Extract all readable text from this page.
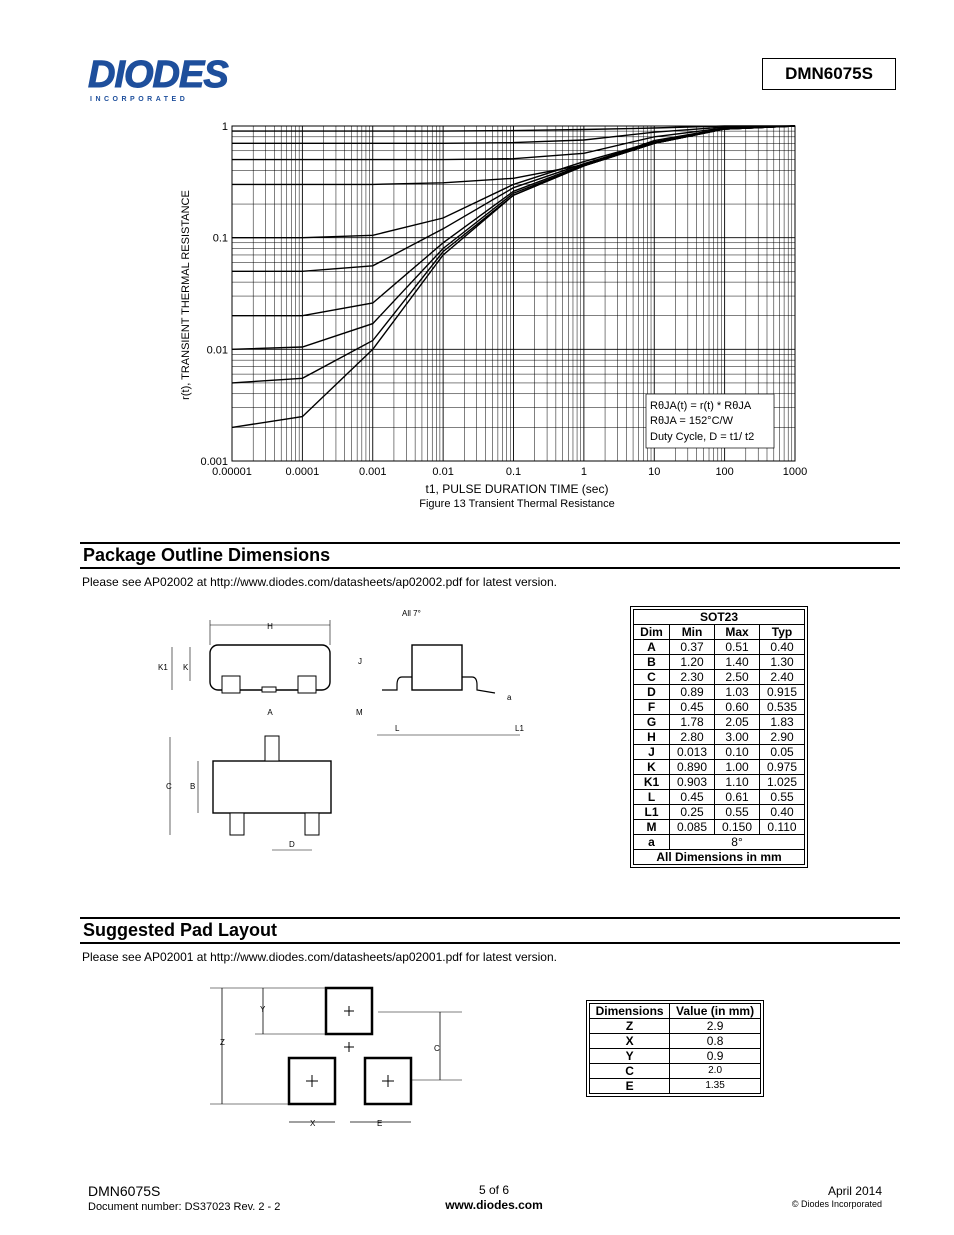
DIODES
INCORPORATED
DMN6075S
0.00001	0.0001	0.001	0.01	0.1	1	10	100	1000
0.001
0.01
0.1
1
RθJA(t) = r(t) * RθJA
RθJA = 152°C/W
Duty Cycle, D = t1/ t2
t1, PULSE DURATION TIME (sec)
Figure 13 Transient Thermal Resistance
r(t), TRANSIENT THERMAL RESISTANCE
Package Outline Dimensions
Please see AP02002 at http://www.diodes.com/datasheets/ap02002.pdf for latest version.
H
K1 K
J
M
All 7°
a
L	L1
A
C B
D
SOT23			
Dim	Min	Max	Typ
A	0.37	0.51	0.40
B	1.20	1.40	1.30
C	2.30	2.50	2.40
D	0.89	1.03	0.915
F	0.45	0.60	0.535
G	1.78	2.05	1.83
H	2.80	3.00	2.90
J	0.013	0.10	0.05
K	0.890	1.00	0.975
K1	0.903	1.10	1.025
L	0.45	0.61	0.55
L1	0.25	0.55	0.40
M	0.085	0.150	0.110
a	8°		
All Dimensions in mm			
Suggested Pad Layout
Please see AP02001 at http://www.diodes.com/datasheets/ap02001.pdf for latest version.
Y
Z
C
X	E
Dimensions	Value (in mm)
Z	2.9
X	0.8
Y	0.9
C	2.0
E	1.35
DMN6075S
Document number: DS37023 Rev. 2 - 2
5 of 6
www.diodes.com
April 2014
© Diodes Incorporated
